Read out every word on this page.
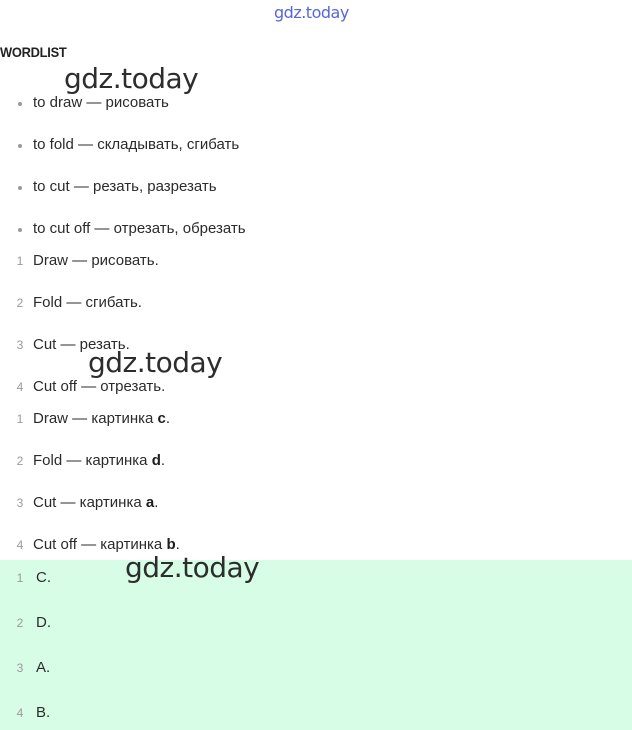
gdz.today
WORDLIST
to draw — рисовать
to fold — складывать, сгибать
to cut — резать, разрезать
to cut off — отрезать, обрезать
1 Draw — рисовать.
2 Fold — сгибать.
3 Cut — резать.
4 Cut off — отрезать.
1 Draw — картинка c.
2 Fold — картинка d.
3 Cut — картинка a.
4 Cut off — картинка b.
1 C.
2 D.
3 A.
4 B.
gdz.today
gdz.today
gdz.today
